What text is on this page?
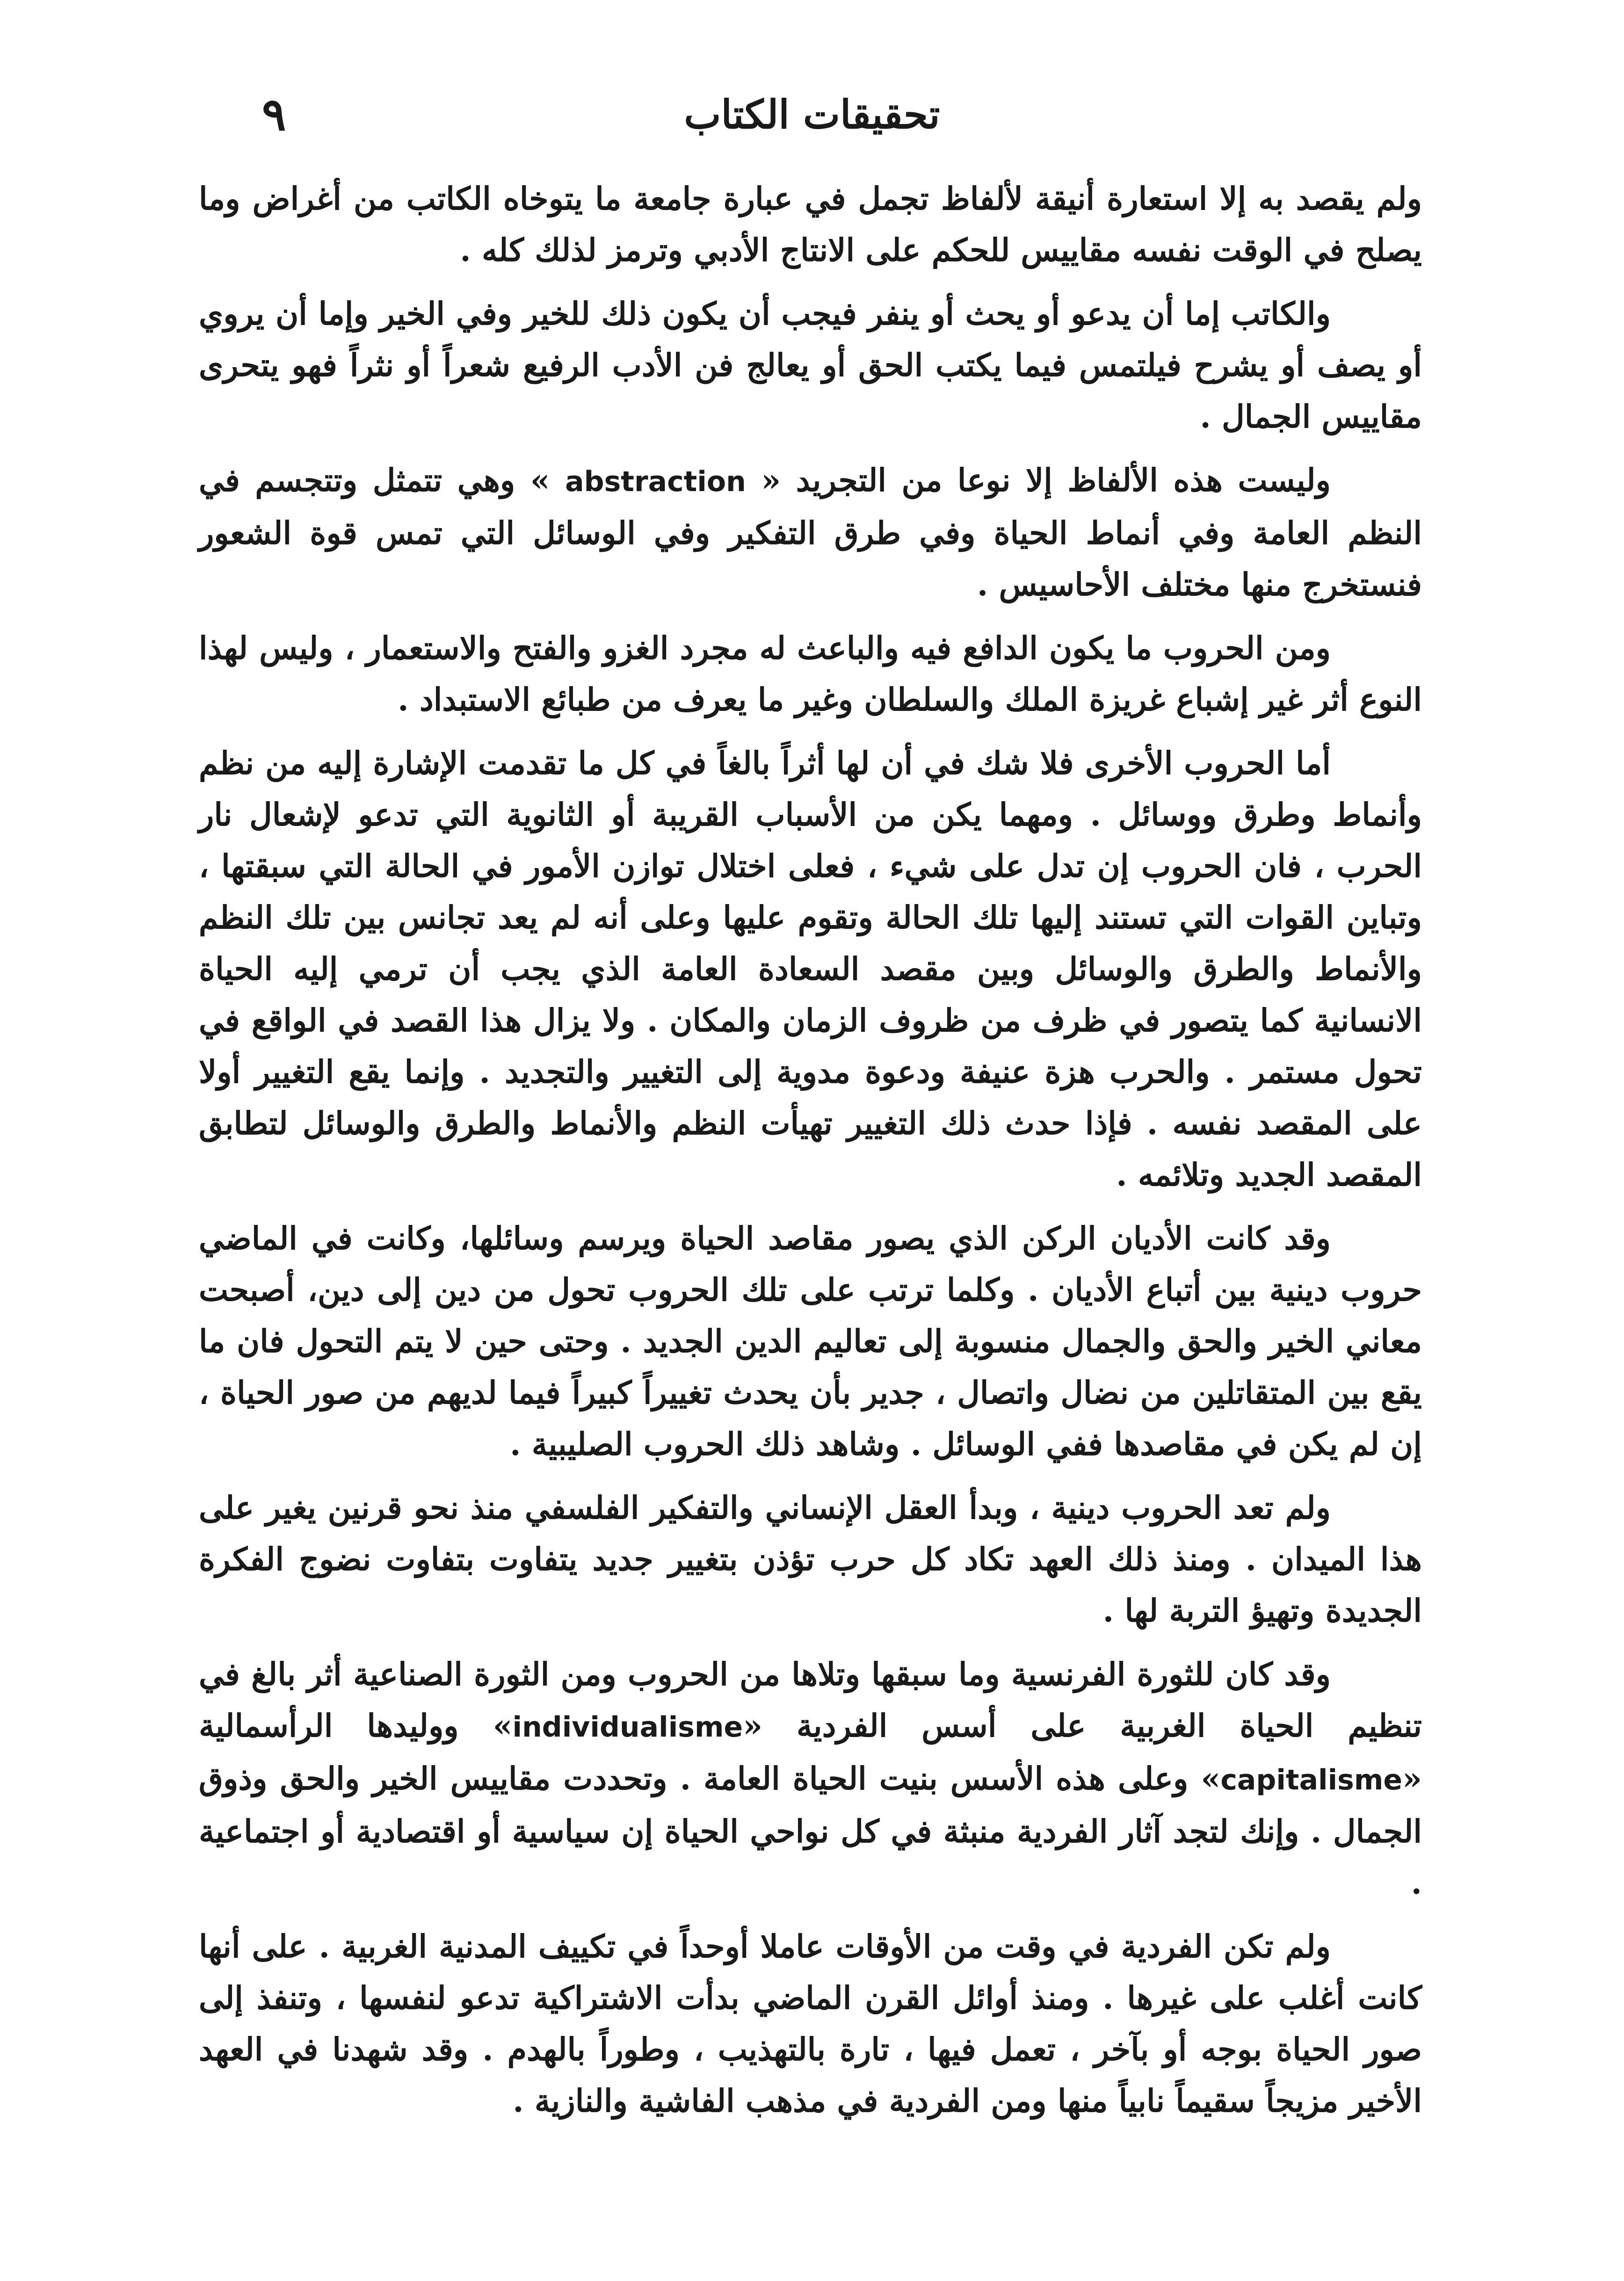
تحقيقات الكتاب
٩

ولم يقصد به إلا استعارة أنيقة لألفاظ تجمل في عبارة جامعة ما يتوخاه الكاتب من أغراض وما يصلح في الوقت نفسه مقاييس للحكم على الانتاج الأدبي وترمز لذلك كله .

والكاتب إما أن يدعو أو يحث أو ينفر فيجب أن يكون ذلك للخير وفي الخير وإما أن يروي أو يصف أو يشرح فيلتمس فيما يكتب الحق أو يعالج فن الأدب الرفيع شعراً أو نثراً فهو يتحرى مقاييس الجمال .

وليست هذه الألفاظ إلا نوعا من التجريد « abstraction » وهي تتمثل وتتجسم في النظم العامة وفي أنماط الحياة وفي طرق التفكير وفي الوسائل التي تمس قوة الشعور فنستخرج منها مختلف الأحاسيس .

ومن الحروب ما يكون الدافع فيه والباعث له مجرد الغزو والفتح والاستعمار ، وليس لهذا النوع أثر غير إشباع غريزة الملك والسلطان وغير ما يعرف من طبائع الاستبداد .

أما الحروب الأخرى فلا شك في أن لها أثراً بالغاً في كل ما تقدمت الإشارة إليه من نظم وأنماط وطرق ووسائل . ومهما يكن من الأسباب القريبة أو الثانوية التي تدعو لإشعال نار الحرب ، فان الحروب إن تدل على شيء ، فعلى اختلال توازن الأمور في الحالة التي سبقتها ، وتباين القوات التي تستند إليها تلك الحالة وتقوم عليها وعلى أنه لم يعد تجانس بين تلك النظم والأنماط والطرق والوسائل وبين مقصد السعادة العامة الذي يجب أن ترمي إليه الحياة الانسانية كما يتصور في ظرف من ظروف الزمان والمكان . ولا يزال هذا القصد في الواقع في تحول مستمر . والحرب هزة عنيفة ودعوة مدوية إلى التغيير والتجديد . وإنما يقع التغيير أولا على المقصد نفسه . فإذا حدث ذلك التغيير تهيأت النظم والأنماط والطرق والوسائل لتطابق المقصد الجديد وتلائمه .

وقد كانت الأديان الركن الذي يصور مقاصد الحياة ويرسم وسائلها، وكانت في الماضي حروب دينية بين أتباع الأديان . وكلما ترتب على تلك الحروب تحول من دين إلى دين، أصبحت معاني الخير والحق والجمال منسوبة إلى تعاليم الدين الجديد . وحتى حين لا يتم التحول فان ما يقع بين المتقاتلين من نضال واتصال ، جدير بأن يحدث تغييراً كبيراً فيما لديهم من صور الحياة ، إن لم يكن في مقاصدها ففي الوسائل . وشاهد ذلك الحروب الصليبية .

ولم تعد الحروب دينية ، وبدأ العقل الإنساني والتفكير الفلسفي منذ نحو قرنين يغير على هذا الميدان . ومنذ ذلك العهد تكاد كل حرب تؤذن بتغيير جديد يتفاوت بتفاوت نضوج الفكرة الجديدة وتهيؤ التربة لها .

وقد كان للثورة الفرنسية وما سبقها وتلاها من الحروب ومن الثورة الصناعية أثر بالغ في تنظيم الحياة الغربية على أسس الفردية «individualisme» ووليدها الرأسمالية «capitalisme» وعلى هذه الأسس بنيت الحياة العامة . وتحددت مقاييس الخير والحق وذوق الجمال . وإنك لتجد آثار الفردية منبثة في كل نواحي الحياة إن سياسية أو اقتصادية أو اجتماعية .

ولم تكن الفردية في وقت من الأوقات عاملا أوحداً في تكييف المدنية الغربية . على أنها كانت أغلب على غيرها . ومنذ أوائل القرن الماضي بدأت الاشتراكية تدعو لنفسها ، وتنفذ إلى صور الحياة بوجه أو بآخر ، تعمل فيها ، تارة بالتهذيب ، وطوراً بالهدم . وقد شهدنا في العهد الأخير مزيجاً سقيماً نابياً منها ومن الفردية في مذهب الفاشية والنازية .
